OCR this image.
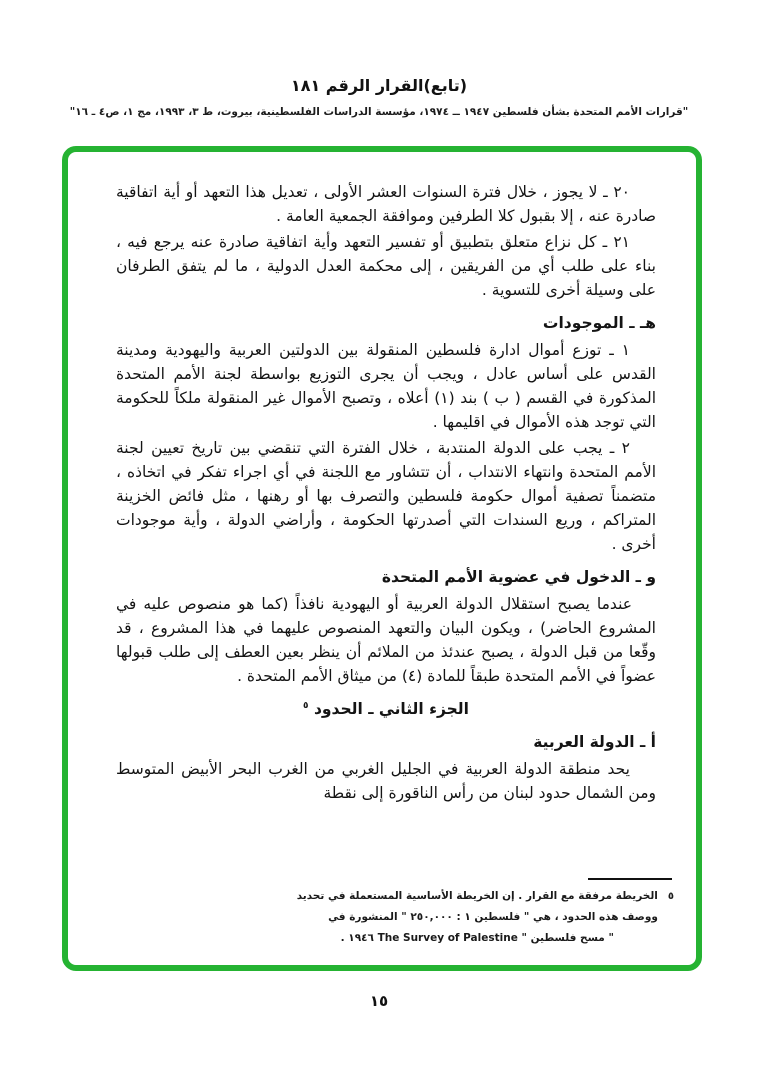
(تابع)القرار الرقم ١٨١
"قرارات الأمم المتحدة بشأن فلسطين ١٩٤٧ ــ ١٩٧٤، مؤسسة الدراسات الفلسطينية، بيروت، ط ٣، ١٩٩٣، مج ١، ص٤ ـ ١٦"

٢٠ ـ لا يجوز ، خلال فترة السنوات العشر الأولى ، تعديل هذا التعهد أو أية اتفاقية صادرة عنه ، إلا بقبول كلا الطرفين وموافقة الجمعية العامة .

٢١ ـ كل نزاع متعلق بتطبيق أو تفسير التعهد وأية اتفاقية صادرة عنه يرجع فيه ، بناء على طلب أي من الفريقين ، إلى محكمة العدل الدولية ، ما لم يتفق الطرفان على وسيلة أخرى للتسوية .

هـ ـ الموجودات

١ ـ توزع أموال ادارة فلسطين المنقولة بين الدولتين العربية واليهودية ومدينة القدس على أساس عادل ، ويجب أن يجرى التوزيع بواسطة لجنة الأمم المتحدة المذكورة في القسم ( ب ) بند (١) أعلاه ، وتصبح الأموال غير المنقولة ملكاً للحكومة التي توجد هذه الأموال في اقليمها .

٢ ـ يجب على الدولة المنتدبة ، خلال الفترة التي تنقضي بين تاريخ تعيين لجنة الأمم المتحدة وانتهاء الانتداب ، أن تتشاور مع اللجنة في أي اجراء تفكر في اتخاذه ، متضمناً تصفية أموال حكومة فلسطين والتصرف بها أو رهنها ، مثل فائض الخزينة المتراكم ، وريع السندات التي أصدرتها الحكومة ، وأراضي الدولة ، وأية موجودات أخرى .

و ـ الدخول في عضوية الأمم المتحدة

عندما يصبح استقلال الدولة العربية أو اليهودية نافذاً (كما هو منصوص عليه في المشروع الحاضر) ، ويكون البيان والتعهد المنصوص عليهما في هذا المشروع ، قد وقّعا من قبل الدولة ، يصبح عندئذ من الملائم أن ينظر بعين العطف إلى طلب قبولها عضواً في الأمم المتحدة طبقاً للمادة (٤) من ميثاق الأمم المتحدة .

الجزء الثاني ـ الحدود $^٥$

أ ـ الدولة العربية

يحد منطقة الدولة العربية في الجليل الغربي من الغرب البحر الأبيض المتوسط ومن الشمال حدود لبنان من رأس الناقورة إلى نقطة

٥
الخريطة مرفقة مع القرار . إن الخريطة الأساسية المستعملة في تحديد
ووصف هذه الحدود ، هي " فلسطين ١ : ٢٥٠,٠٠٠ " المنشورة في
" مسح فلسطين " The Survey of Palestine ١٩٤٦ .
١٥
